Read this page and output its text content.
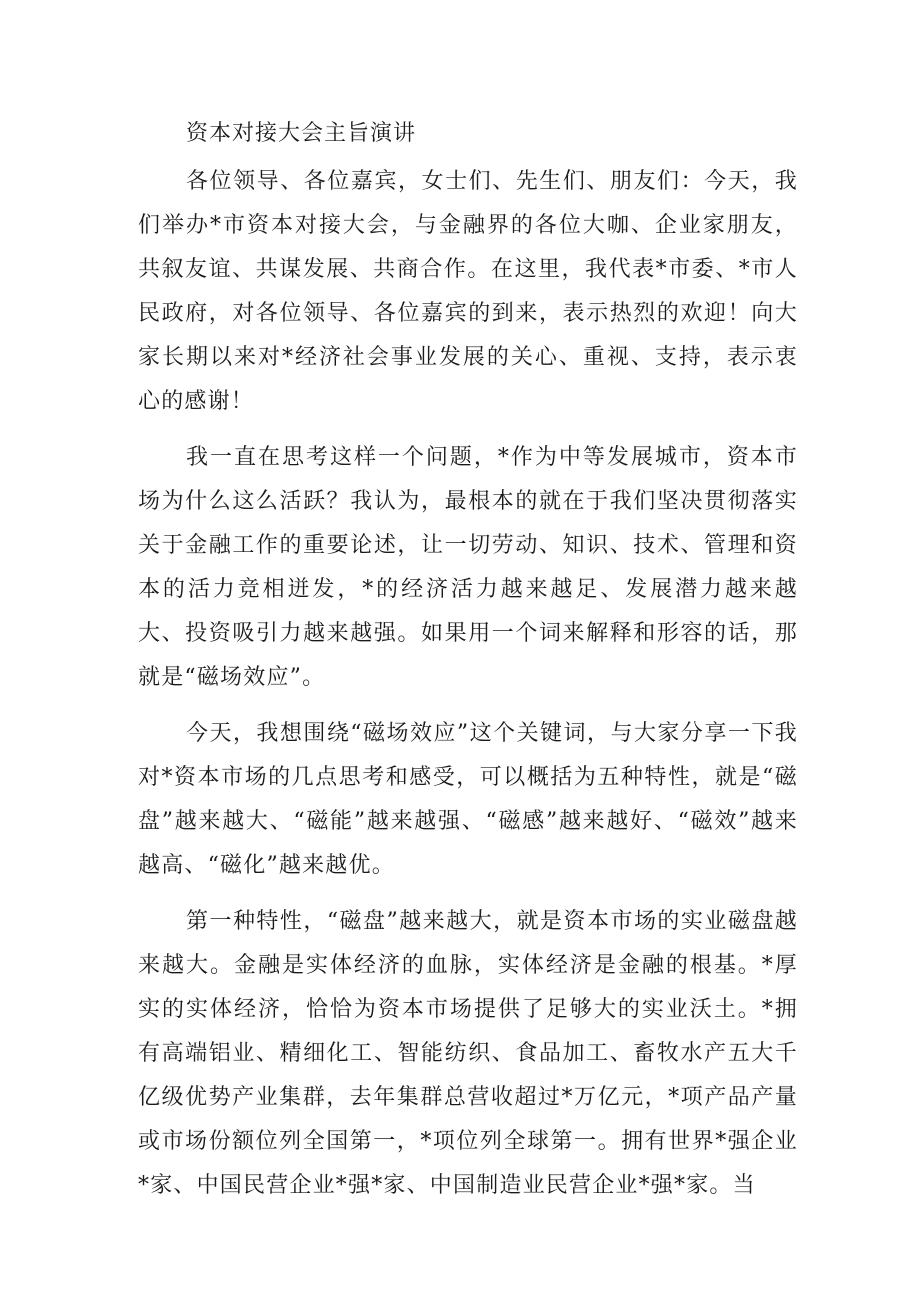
资本对接大会主旨演讲

各位领导、各位嘉宾，女士们、先生们、朋友们：今天，我们举办*市资本对接大会，与金融界的各位大咖、企业家朋友，共叙友谊、共谋发展、共商合作。在这里，我代表*市委、*市人民政府，对各位领导、各位嘉宾的到来，表示热烈的欢迎！向大家长期以来对*经济社会事业发展的关心、重视、支持，表示衷心的感谢！

我一直在思考这样一个问题，*作为中等发展城市，资本市场为什么这么活跃？我认为，最根本的就在于我们坚决贯彻落实关于金融工作的重要论述，让一切劳动、知识、技术、管理和资本的活力竞相迸发，*的经济活力越来越足、发展潜力越来越大、投资吸引力越来越强。如果用一个词来解释和形容的话，那就是“磁场效应”。

今天，我想围绕“磁场效应”这个关键词，与大家分享一下我对*资本市场的几点思考和感受，可以概括为五种特性，就是“磁盘”越来越大、“磁能”越来越强、“磁感”越来越好、“磁效”越来越高、“磁化”越来越优。

第一种特性，“磁盘”越来越大，就是资本市场的实业磁盘越来越大。金融是实体经济的血脉，实体经济是金融的根基。*厚实的实体经济，恰恰为资本市场提供了足够大的实业沃土。*拥有高端铝业、精细化工、智能纺织、食品加工、畜牧水产五大千亿级优势产业集群，去年集群总营收超过*万亿元，*项产品产量或市场份额位列全国第一，*项位列全球第一。拥有世界*强企业*家、中国民营企业*强*家、中国制造业民营企业*强*家。当
